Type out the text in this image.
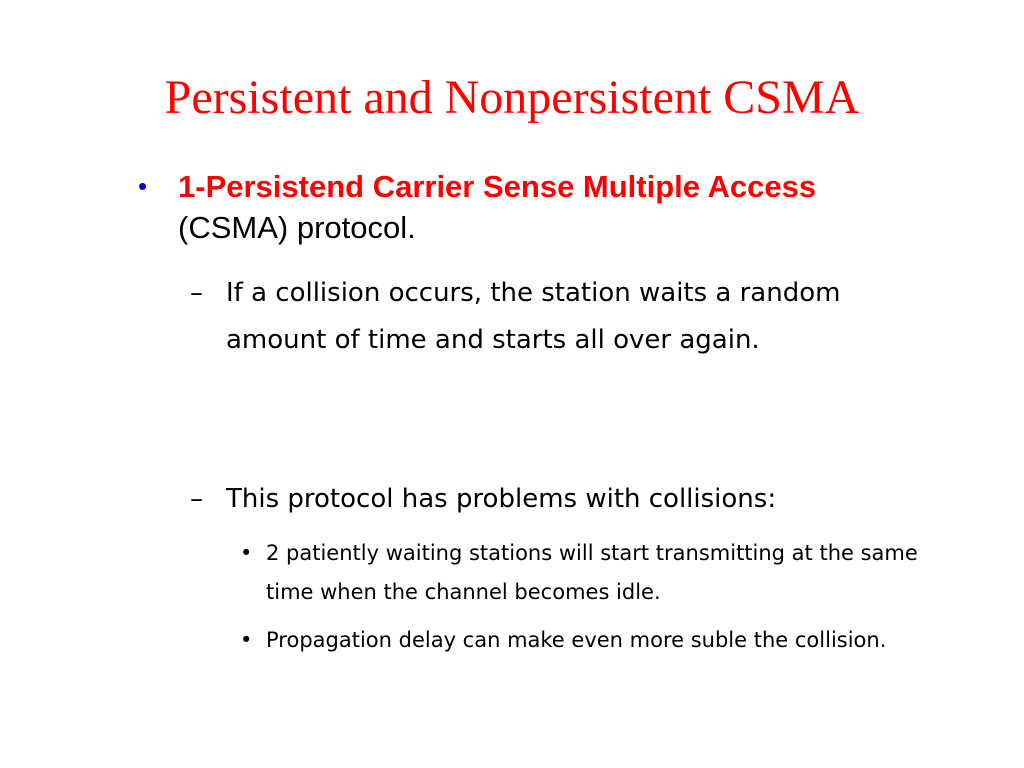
Persistent and Nonpersistent CSMA
• 1-Persistend Carrier Sense Multiple Access (CSMA) protocol.
– If a collision occurs, the station waits a random amount of time and starts all over again.
– This protocol has problems with collisions:
• 2 patiently waiting stations will start transmitting at the same time when the channel becomes idle.
• Propagation delay can make even more suble the collision.
